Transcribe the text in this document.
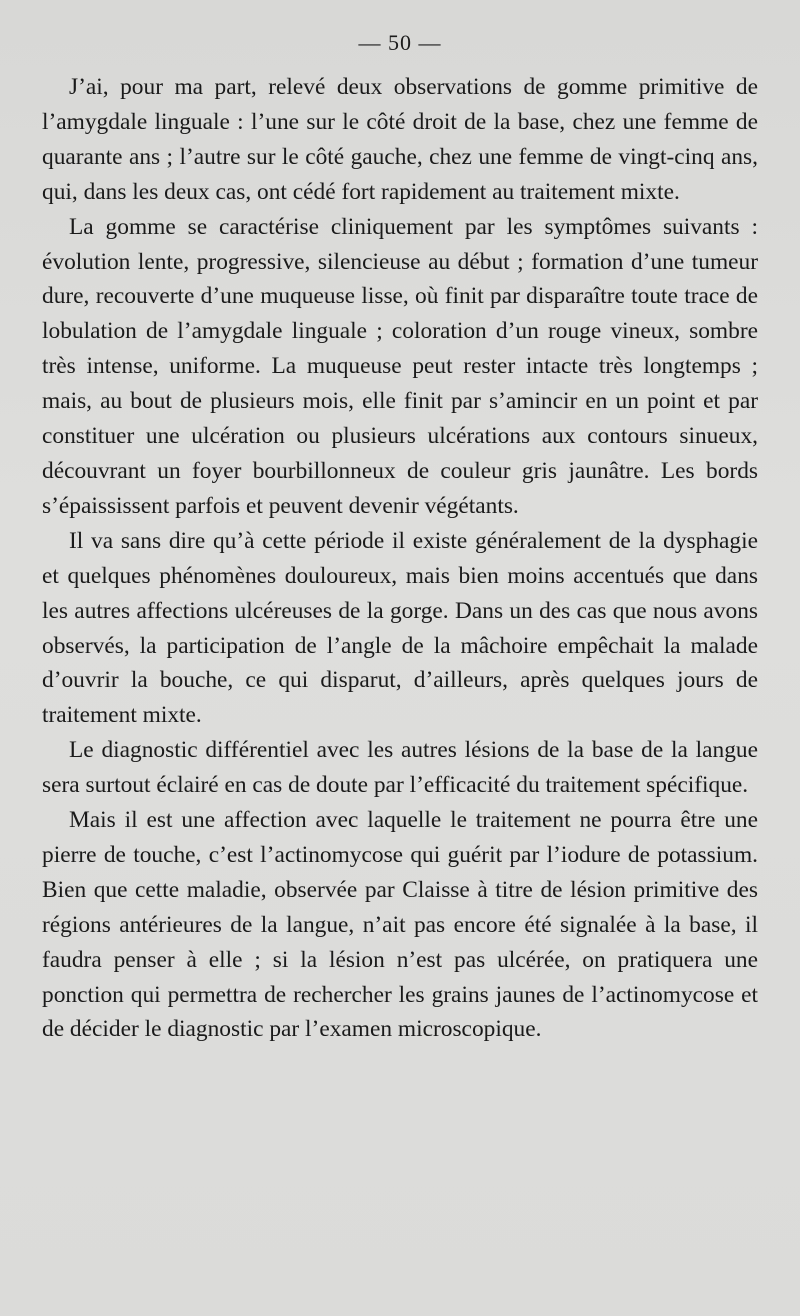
— 50 —

J’ai, pour ma part, relevé deux observations de gomme primitive de l’amygdale linguale : l’une sur le côté droit de la base, chez une femme de quarante ans ; l’autre sur le côté gauche, chez une femme de vingt-cinq ans, qui, dans les deux cas, ont cédé fort rapidement au traitement mixte.

La gomme se caractérise cliniquement par les symptômes suivants : évolution lente, progressive, silencieuse au début ; formation d’une tumeur dure, recouverte d’une muqueuse lisse, où finit par disparaître toute trace de lobulation de l’amygdale linguale ; coloration d’un rouge vineux, sombre très intense, uniforme. La muqueuse peut rester intacte très longtemps ; mais, au bout de plusieurs mois, elle finit par s’amincir en un point et par constituer une ulcération ou plusieurs ulcérations aux contours sinueux, découvrant un foyer bourbillonneux de couleur gris jaunâtre. Les bords s’épaississent parfois et peuvent devenir végétants.

Il va sans dire qu’à cette période il existe généralement de la dysphagie et quelques phénomènes douloureux, mais bien moins accentués que dans les autres affections ulcéreuses de la gorge. Dans un des cas que nous avons observés, la participation de l’angle de la mâchoire empêchait la malade d’ouvrir la bouche, ce qui disparut, d’ailleurs, après quelques jours de traitement mixte.

Le diagnostic différentiel avec les autres lésions de la base de la langue sera surtout éclairé en cas de doute par l’efficacité du traitement spécifique.

Mais il est une affection avec laquelle le traitement ne pourra être une pierre de touche, c’est l’actinomycose qui guérit par l’iodure de potassium. Bien que cette maladie, observée par Claisse à titre de lésion primitive des régions antérieures de la langue, n’ait pas encore été signalée à la base, il faudra penser à elle ; si la lésion n’est pas ulcérée, on pratiquera une ponction qui permettra de rechercher les grains jaunes de l’actinomycose et de décider le diagnostic par l’examen microscopique.
